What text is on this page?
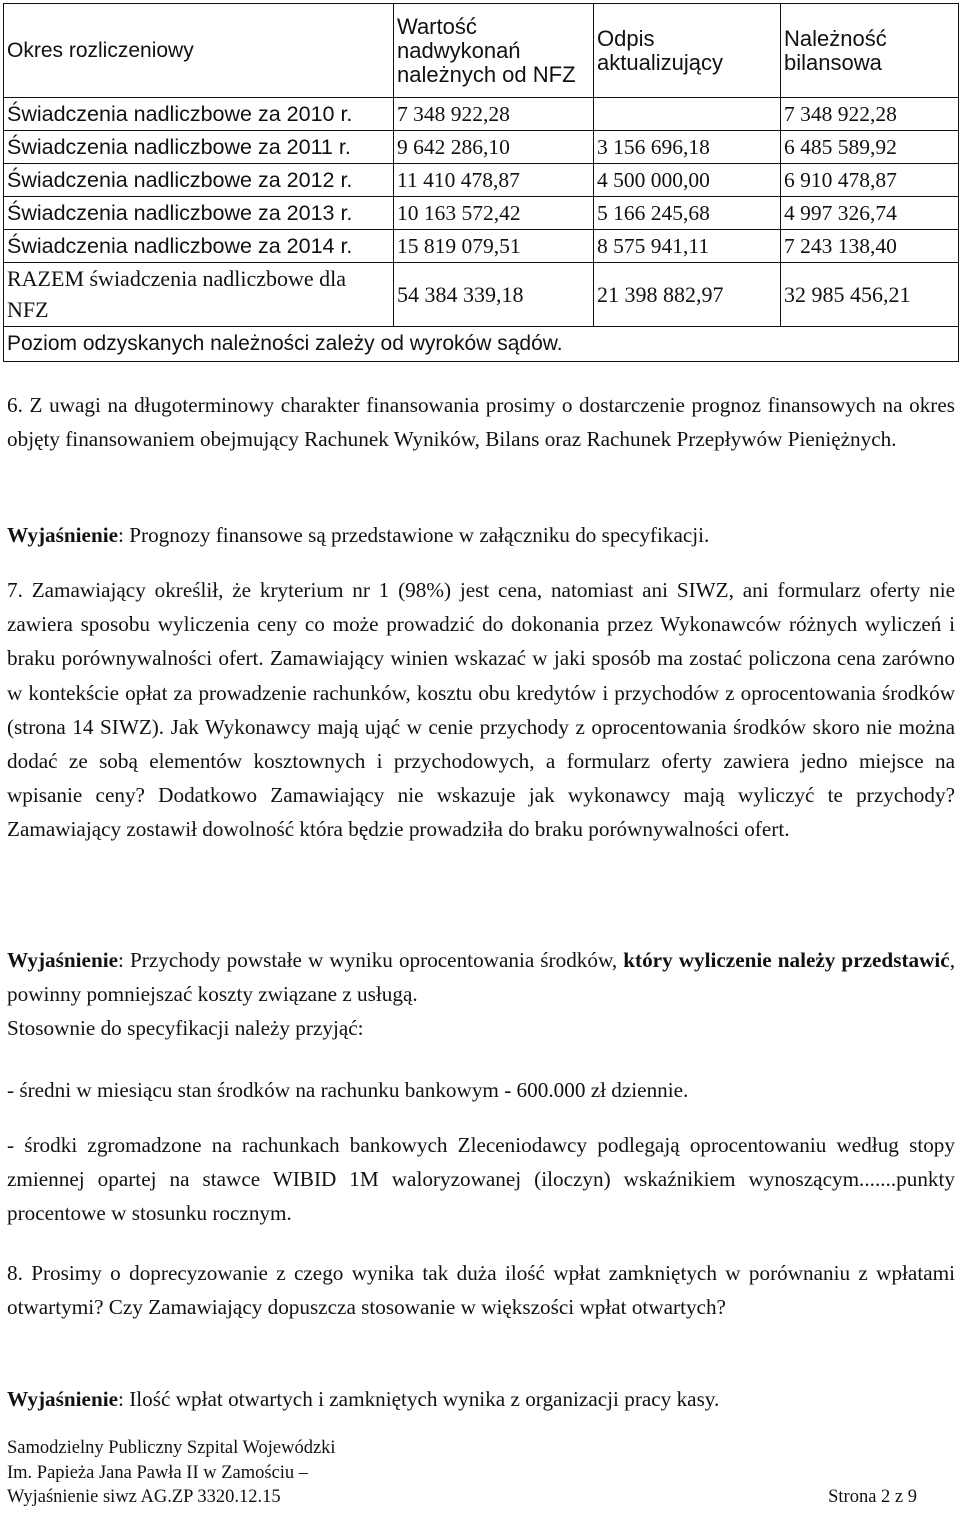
Okres rozliczeniowy	Wartość nadwykonań należnych od NFZ	Odpis aktualizujący	Należność bilansowa
Świadczenia nadliczbowe za 2010 r.	7 348 922,28		7 348 922,28
Świadczenia nadliczbowe za 2011 r.	9 642 286,10	3 156 696,18	6 485 589,92
Świadczenia nadliczbowe za 2012 r.	11 410 478,87	4 500 000,00	6 910 478,87
Świadczenia nadliczbowe za 2013 r.	10 163 572,42	5 166 245,68	4 997 326,74
Świadczenia nadliczbowe za 2014 r.	15 819 079,51	8 575 941,11	7 243 138,40
RAZEM świadczenia nadliczbowe dla NFZ	54 384 339,18	21 398 882,97	32 985 456,21
Poziom odzyskanych należności zależy od wyroków sądów.			
6. Z uwagi na długoterminowy charakter finansowania prosimy o dostarczenie prognoz finansowych na okres objęty finansowaniem obejmujący Rachunek Wyników, Bilans oraz Rachunek Przepływów Pieniężnych.
Wyjaśnienie: Prognozy finansowe są przedstawione w załączniku do specyfikacji.
7. Zamawiający określił, że kryterium nr 1 (98%) jest cena, natomiast ani SIWZ, ani formularz oferty nie zawiera sposobu wyliczenia ceny co może prowadzić do dokonania przez Wykonawców różnych wyliczeń i braku porównywalności ofert. Zamawiający winien wskazać w jaki sposób ma zostać policzona cena zarówno w kontekście opłat za prowadzenie rachunków, kosztu obu kredytów i przychodów z oprocentowania środków (strona 14 SIWZ). Jak Wykonawcy mają ująć w cenie przychody z oprocentowania środków skoro nie można dodać ze sobą elementów kosztownych i przychodowych, a formularz oferty zawiera jedno miejsce na wpisanie ceny? Dodatkowo Zamawiający nie wskazuje jak wykonawcy mają wyliczyć te przychody? Zamawiający zostawił dowolność która będzie prowadziła do braku porównywalności ofert.
Wyjaśnienie: Przychody powstałe w wyniku oprocentowania środków, który wyliczenie należy przedstawić, powinny pomniejszać koszty związane z usługą.
Stosownie do specyfikacji należy przyjąć:
- średni w miesiącu stan środków na rachunku bankowym - 600.000 zł dziennie.
- środki zgromadzone na rachunkach bankowych Zleceniodawcy podlegają oprocentowaniu według stopy zmiennej opartej na stawce WIBID 1M waloryzowanej (iloczyn) wskaźnikiem wynoszącym.......punkty procentowe w stosunku rocznym.
8. Prosimy o doprecyzowanie z czego wynika tak duża ilość wpłat zamkniętych w porównaniu z wpłatami otwartymi? Czy Zamawiający dopuszcza stosowanie w większości wpłat otwartych?
Wyjaśnienie: Ilość wpłat otwartych i zamkniętych wynika z organizacji pracy kasy.
Samodzielny Publiczny Szpital Wojewódzki
Im. Papieża Jana Pawła II w Zamościu –
Wyjaśnienie siwz AG.ZP 3320.12.15	Strona 2 z 9
